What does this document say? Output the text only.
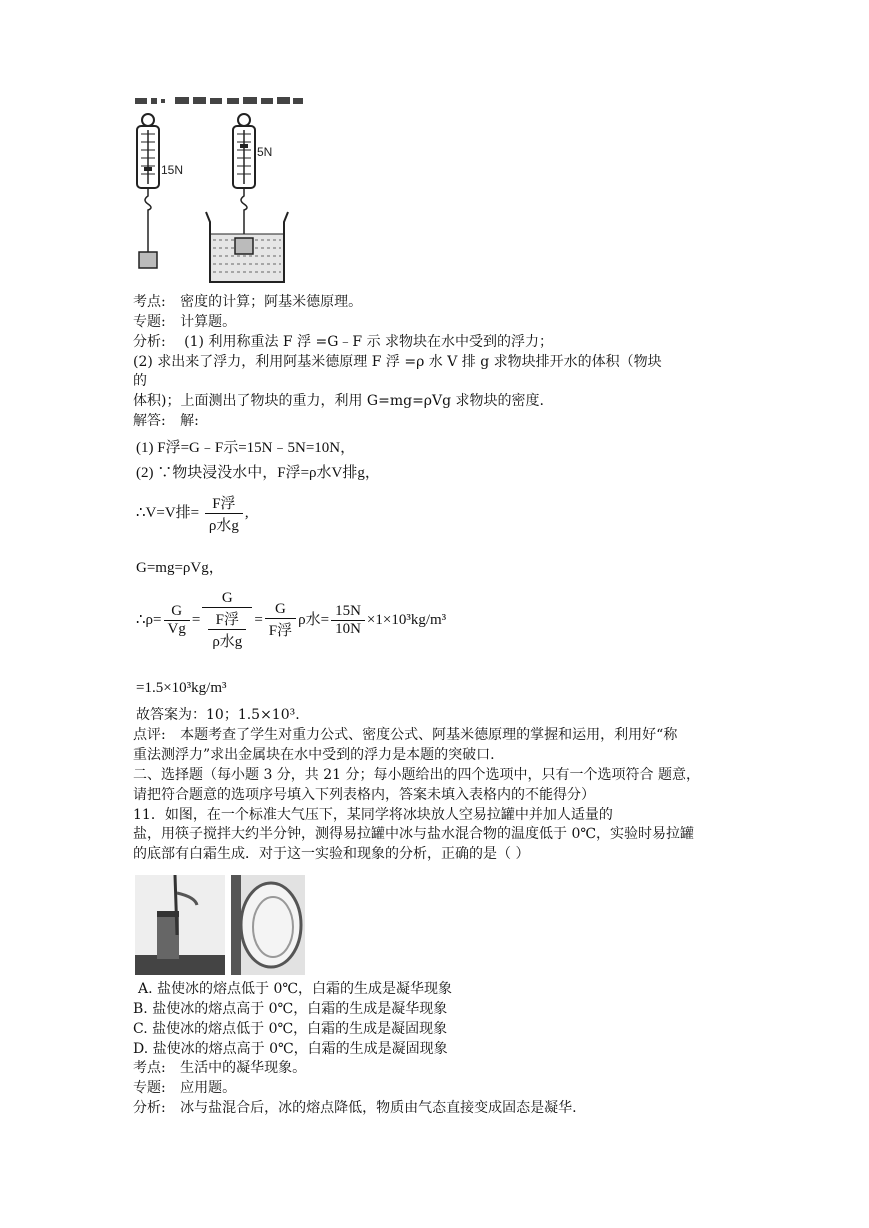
15N
5N
考点: 密度的计算；阿基米德原理。
专题: 计算题。
分析: (1) 利用称重法 F 浮 =G﹣F 示 求物块在水中受到的浮力；
(2) 求出来了浮力，利用阿基米德原理 F 浮 =ρ 水 V 排 g 求物块排开水的体积（物块
的
体积)；上面测出了物块的重力，利用 G=mg=ρVg 求物块的密度.
解答: 解:
(1) F浮=G﹣F示=15N﹣5N=10N，
(2) ∵物块浸没水中，F浮=ρ水V排g，
∴V=V排= $\frac{\text{F浮}}{\text{ρ水g}}$ ,
G=mg=ρVg，
∴ρ= $\frac{G}{Vg} = \frac{G}{\frac{\text{F浮}}{\text{ρ水g}}} = \frac{G}{\text{F浮}}$ ρ水= $\frac{15N}{10N} \times 1\times 10^3kg/m^3$
=1.5×10³kg/m³
故答案为：10；1.5×10³.
点评: 本题考查了学生对重力公式、密度公式、阿基米德原理的掌握和运用，利用好“称
重法测浮力”求出金属块在水中受到的浮力是本题的突破口.
二、选择题（每小题 3 分，共 21 分；每小题给出的四个选项中，只有一个选项符合 题意，
请把符合题意的选项序号填入下列表格内，答案未填入表格内的不能得分）
11．如图，在一个标准大气压下，某同学将冰块放人空易拉罐中并加人适量的
盐，用筷子搅拌大约半分钟，测得易拉罐中冰与盐水混合物的温度低于 0℃，实验时易拉罐
的底部有白霜生成．对于这一实验和现象的分析，正确的是（ ）
A. 盐使冰的熔点低于 0℃，白霜的生成是凝华现象
B. 盐使冰的熔点高于 0℃，白霜的生成是凝华现象
C. 盐使冰的熔点低于 0℃，白霜的生成是凝固现象
D. 盐使冰的熔点高于 0℃，白霜的生成是凝固现象
考点: 生活中的凝华现象。
专题: 应用题。
分析: 冰与盐混合后，冰的熔点降低，物质由气态直接变成固态是凝华.
